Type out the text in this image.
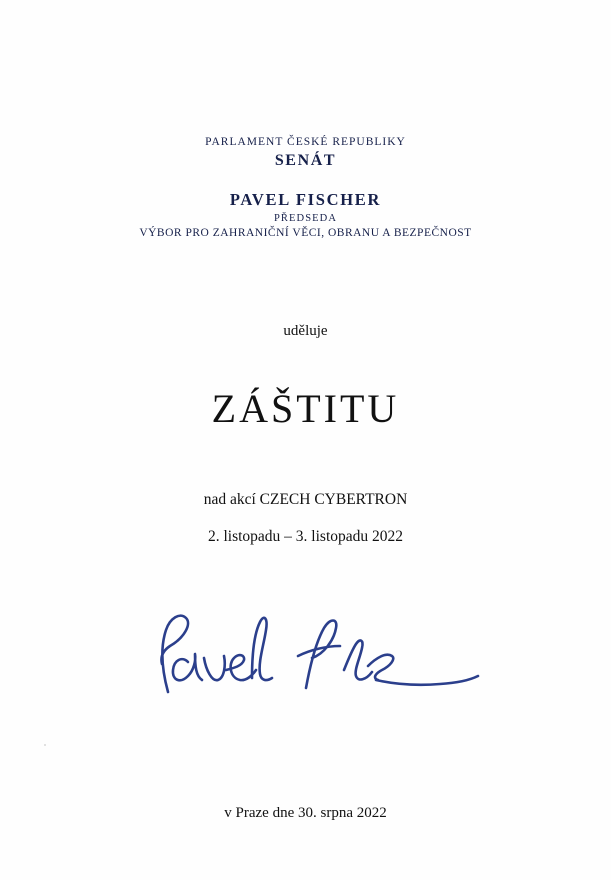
PARLAMENT ČESKÉ REPUBLIKY
SENÁT
PAVEL FISCHER
PŘEDSEDA
VÝBOR PRO ZAHRANIČNÍ VĚCI, OBRANU A BEZPEČNOST
uděluje
ZÁŠTITU
nad akcí CZECH CYBERTRON
2. listopadu – 3. listopadu 2022
v Praze dne 30. srpna 2022
